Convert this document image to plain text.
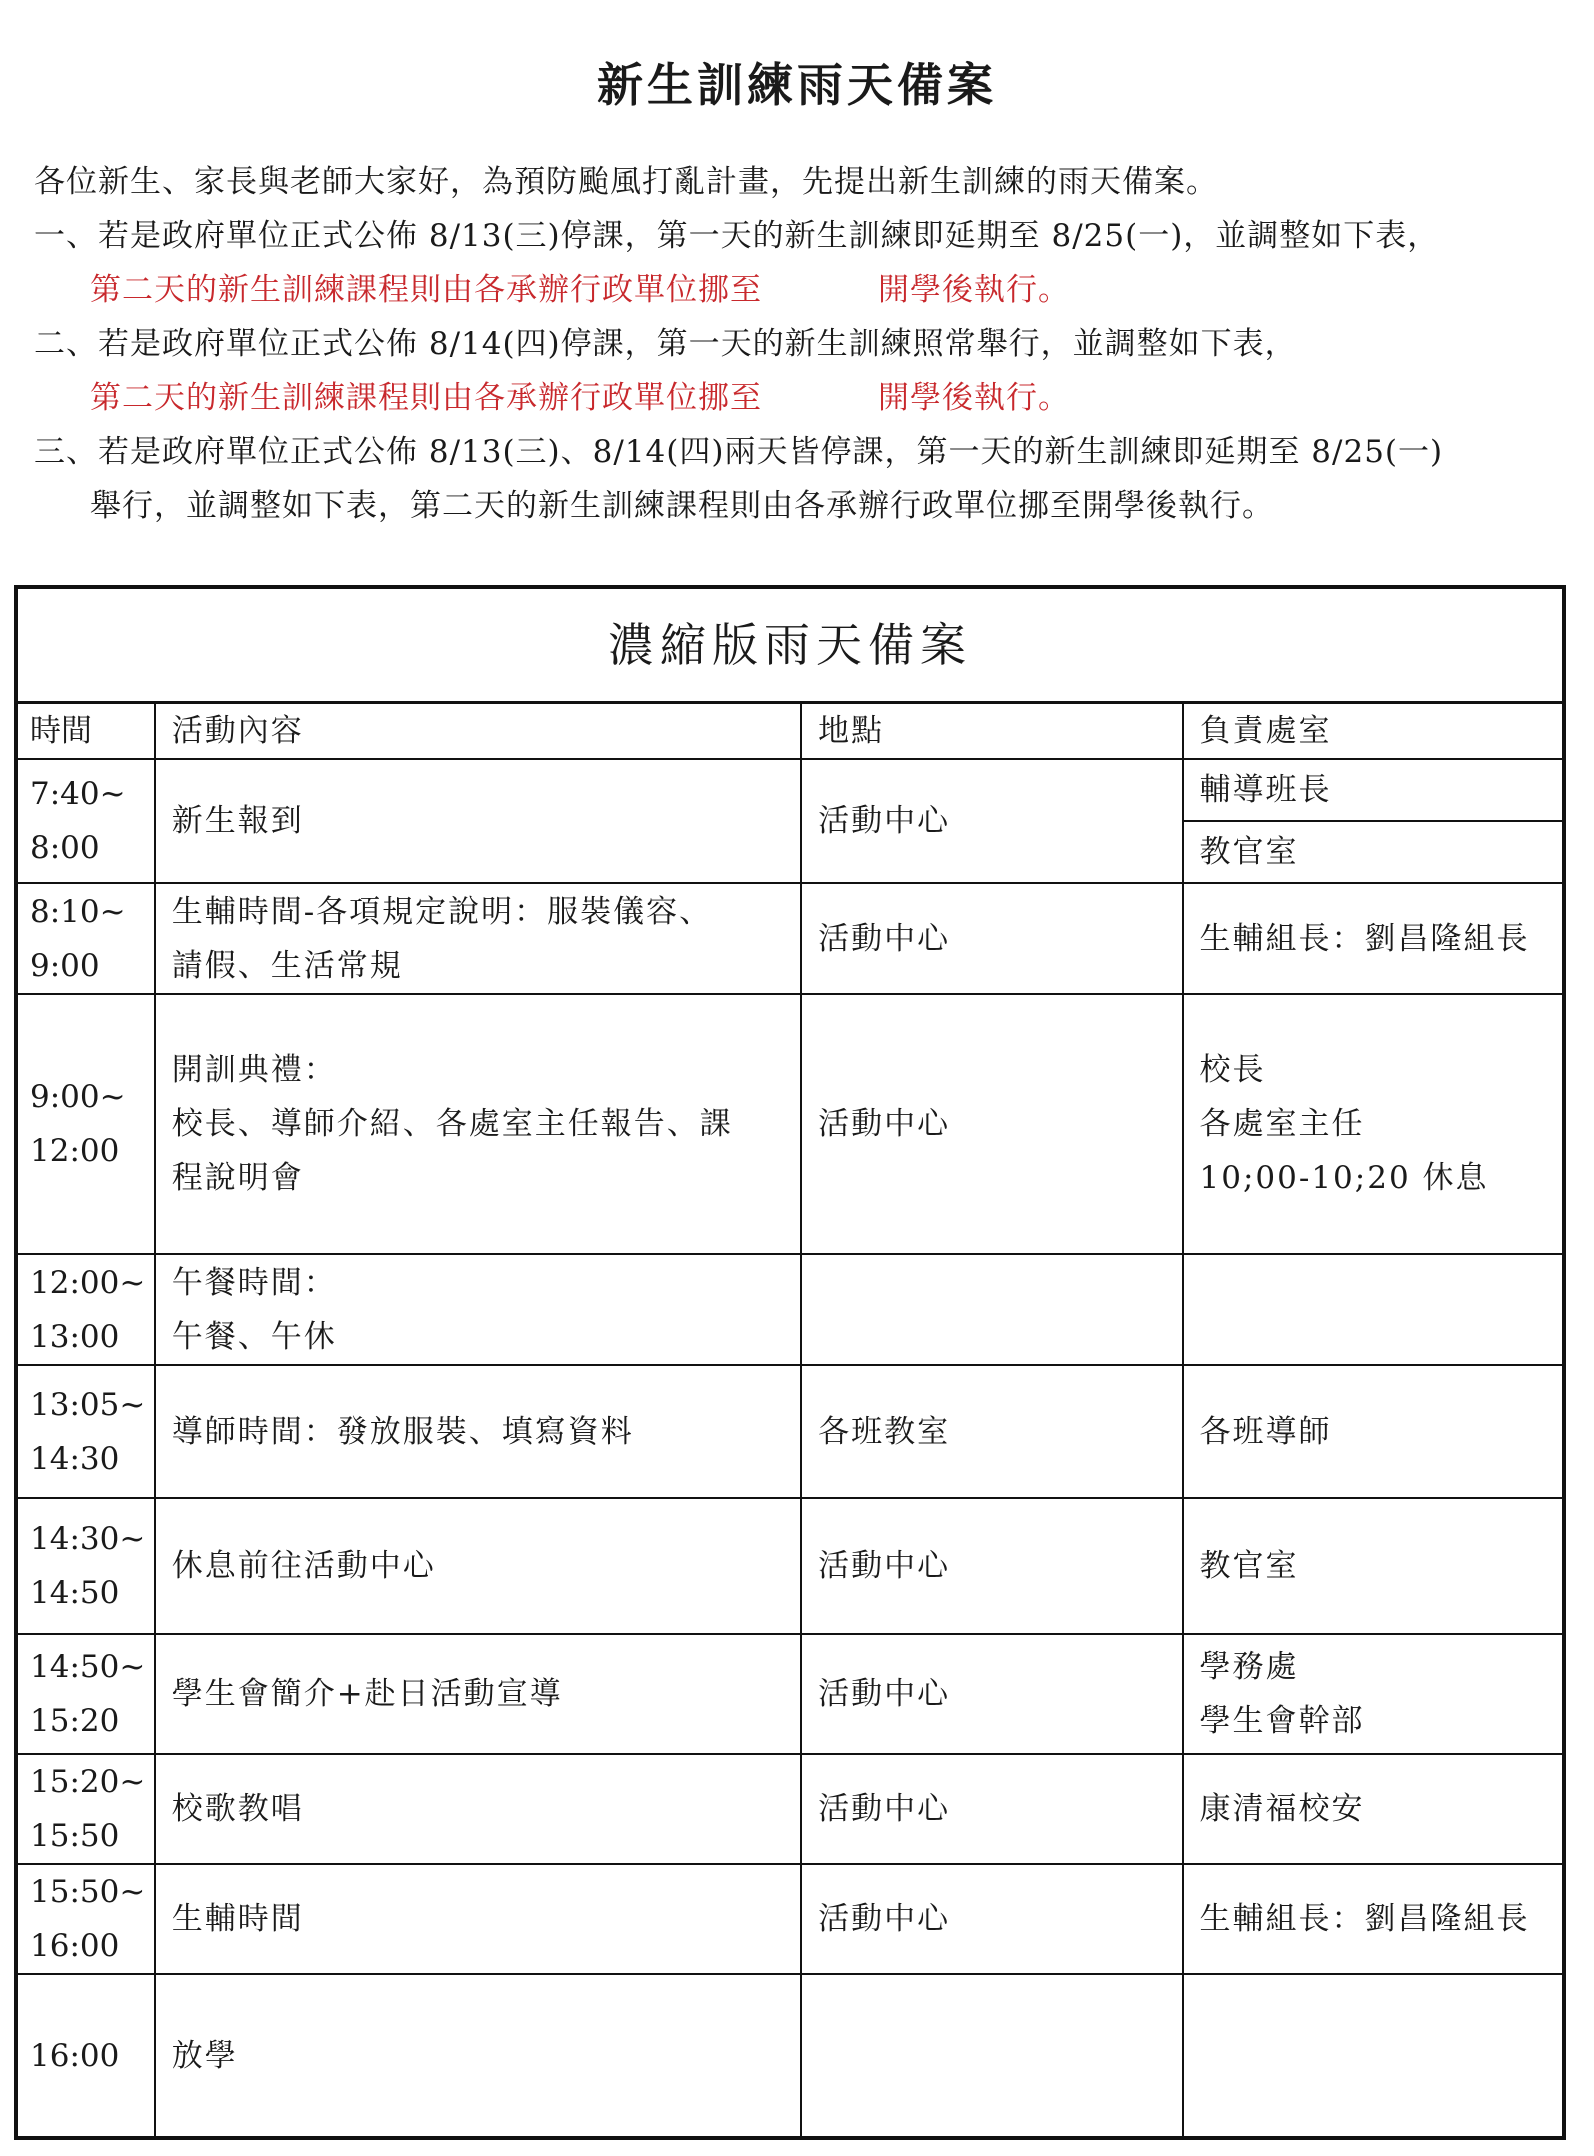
新生訓練雨天備案
各位新生、家長與老師大家好，為預防颱風打亂計畫，先提出新生訓練的雨天備案。
一、若是政府單位正式公佈 8/13(三)停課，第一天的新生訓練即延期至 8/25(一)，並調整如下表，
第二天的新生訓練課程則由各承辦行政單位挪至	開學後執行。
二、若是政府單位正式公佈 8/14(四)停課，第一天的新生訓練照常舉行，並調整如下表，
第二天的新生訓練課程則由各承辦行政單位挪至	開學後執行。
三、若是政府單位正式公佈 8/13(三)、8/14(四)兩天皆停課，第一天的新生訓練即延期至 8/25(一)
舉行，並調整如下表，第二天的新生訓練課程則由各承辦行政單位挪至開學後執行。
濃縮版雨天備案			
時間	活動內容	地點	負責處室

7:40~
8:00	新生報到	活動中心	輔導班長
			教官室

8:10~
9:00	生輔時間-各項規定說明：服裝儀容、
請假、生活常規	活動中心	生輔組長：劉昌隆組長

9:00~
12:00	開訓典禮：
校長、導師介紹、各處室主任報告、課
程說明會	活動中心	校長
各處室主任
10;00-10;20 休息

12:00~
13:00	午餐時間：
午餐、午休		

13:05~
14:30	導師時間：發放服裝、填寫資料	各班教室	各班導師

14:30~
14:50	休息前往活動中心	活動中心	教官室

14:50~
15:20	學生會簡介+赴日活動宣導	活動中心	學務處
學生會幹部

15:20~
15:50	校歌教唱	活動中心	康清福校安

15:50~
16:00	生輔時間	活動中心	生輔組長：劉昌隆組長
16:00	放學		
